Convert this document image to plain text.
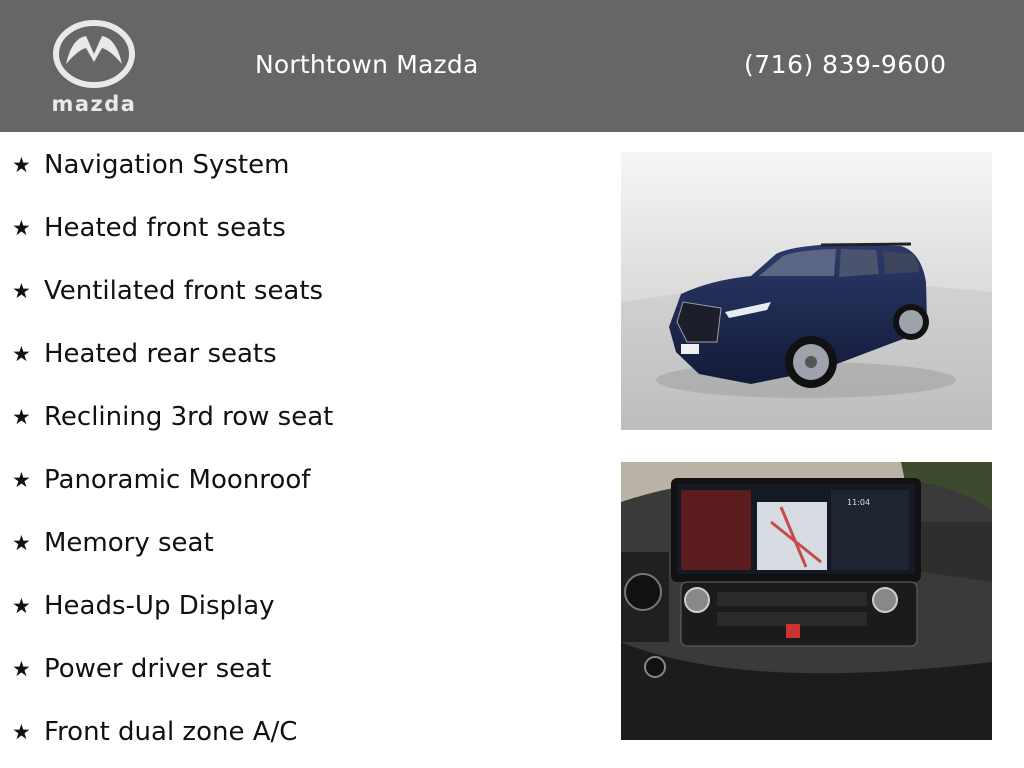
mazda
Northtown Mazda	(716) 839-9600
★ Navigation System
★ Heated front seats
★ Ventilated front seats
★ Heated rear seats
★ Reclining 3rd row seat
★ Panoramic Moonroof
★ Memory seat
★ Heads-Up Display
★ Power driver seat
★ Front dual zone A/C
11:04
